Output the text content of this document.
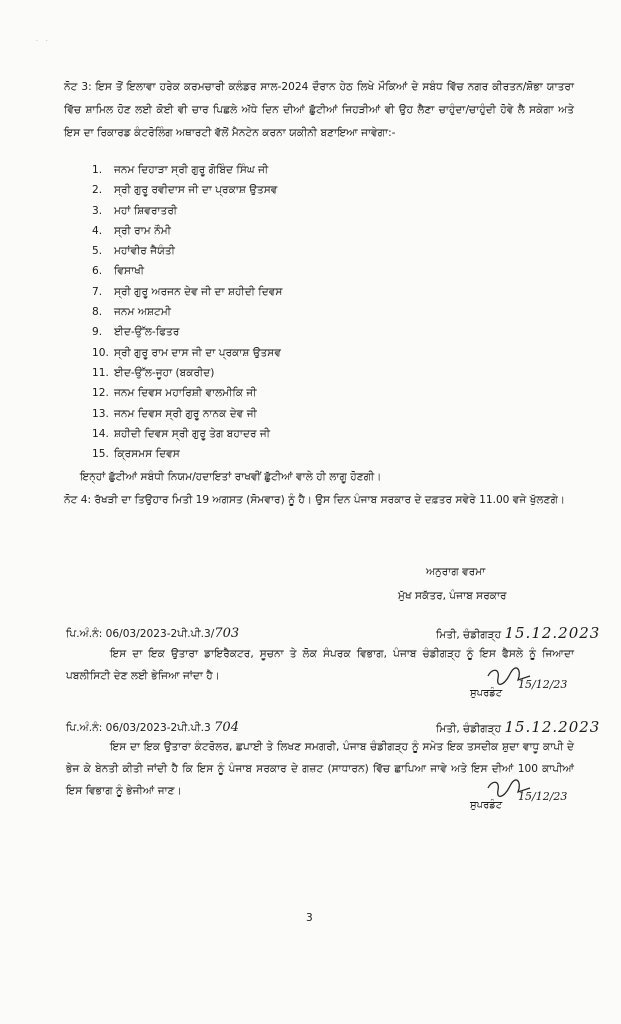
· ·

ਨੋਟ 3: ਇਸ ਤੋਂ ਇਲਾਵਾ ਹਰੇਕ ਕਰਮਚਾਰੀ ਕਲੰਡਰ ਸਾਲ-2024 ਦੌਰਾਨ ਹੇਠ ਲਿਖੇ ਮੌਕਿਆਂ ਦੇ ਸਬੰਧ ਵਿੱਚ ਨਗਰ ਕੀਰਤਨ/ਸ਼ੋਭਾ ਯਾਤਰਾ ਵਿੱਚ ਸ਼ਾਮਿਲ ਹੋਣ ਲਈ ਕੋਈ ਵੀ ਚਾਰ ਪਿਛਲੇ ਅੱਧੇ ਦਿਨ ਦੀਆਂ ਛੁੱਟੀਆਂ ਜਿਹੜੀਆਂ ਵੀ ਉਹ ਲੈਣਾ ਚਾਹੁੰਦਾ/ਚਾਹੁੰਦੀ ਹੋਵੇ ਲੈ ਸਕੇਗਾ ਅਤੇ ਇਸ ਦਾ ਰਿਕਾਰਡ ਕੰਟਰੋਲਿੰਗ ਅਥਾਰਟੀ ਵੱਲੋਂ ਮੈਨਟੇਨ ਕਰਨਾ ਯਕੀਨੀ ਬਣਾਇਆ ਜਾਵੇਗਾ:-

1. ਜਨਮ ਦਿਹਾੜਾ ਸ੍ਰੀ ਗੁਰੂ ਗੋਬਿੰਦ ਸਿੰਘ ਜੀ
2. ਸ੍ਰੀ ਗੁਰੂ ਰਵੀਦਾਸ ਜੀ ਦਾ ਪ੍ਰਕਾਸ਼ ਉਤਸਵ
3. ਮਹਾਂ ਸ਼ਿਵਰਾਤਰੀ
4. ਸ੍ਰੀ ਰਾਮ ਨੌਮੀ
5. ਮਹਾਂਵੀਰ ਜੈਯੰਤੀ
6. ਵਿਸਾਖੀ
7. ਸ੍ਰੀ ਗੁਰੂ ਅਰਜਨ ਦੇਵ ਜੀ ਦਾ ਸ਼ਹੀਦੀ ਦਿਵਸ
8. ਜਨਮ ਅਸ਼ਟਮੀ
9. ਈਦ-ਉੱਲ-ਫਿਤਰ
10. ਸ੍ਰੀ ਗੁਰੂ ਰਾਮ ਦਾਸ ਜੀ ਦਾ ਪ੍ਰਕਾਸ਼ ਉਤਸਵ
11. ਈਦ-ਉੱਲ-ਜੂਹਾ (ਬਕਰੀਦ)
12. ਜਨਮ ਦਿਵਸ ਮਹਾਰਿਸ਼ੀ ਵਾਲਮੀਕਿ ਜੀ
13. ਜਨਮ ਦਿਵਸ ਸ੍ਰੀ ਗੁਰੂ ਨਾਨਕ ਦੇਵ ਜੀ
14. ਸ਼ਹੀਦੀ ਦਿਵਸ ਸ੍ਰੀ ਗੁਰੂ ਤੇਗ ਬਹਾਦਰ ਜੀ
15. ਕ੍ਰਿਸਮਸ ਦਿਵਸ

ਇਨ੍ਹਾਂ ਛੁੱਟੀਆਂ ਸਬੰਧੀ ਨਿਯਮ/ਹਦਾਇਤਾਂ ਰਾਖਵੀਂ ਛੁੱਟੀਆਂ ਵਾਲੇ ਹੀ ਲਾਗੂ ਹੋਣਗੀ।

ਨੋਟ 4: ਰੱਖੜੀ ਦਾ ਤਿਉਹਾਰ ਮਿਤੀ 19 ਅਗਸਤ (ਸੋਮਵਾਰ) ਨੂੰ ਹੈ। ਉਸ ਦਿਨ ਪੰਜਾਬ ਸਰਕਾਰ ਦੇ ਦਫ਼ਤਰ ਸਵੇਰੇ 11.00 ਵਜੇ ਖੁੱਲਣਗੇ।

ਅਨੁਰਾਗ ਵਰਮਾ
ਮੁੱਖ ਸਕੱਤਰ, ਪੰਜਾਬ ਸਰਕਾਰ
ਪਿ.ਅੰ.ਨੰ: 06/03/2023-2ਪੀ.ਪੀ.3/703	ਮਿਤੀ, ਚੰਡੀਗੜ੍ਹ 15.12.2023

ਇਸ ਦਾ ਇਕ ਉਤਾਰਾ ਡਾਇਰੈਕਟਰ, ਸੂਚਨਾ ਤੇ ਲੋਕ ਸੰਪਰਕ ਵਿਭਾਗ, ਪੰਜਾਬ ਚੰਡੀਗੜ੍ਹ ਨੂੰ ਇਸ ਫੈਸਲੇ ਨੂੰ ਜਿਆਦਾ ਪਬਲੀਸਿਟੀ ਦੇਣ ਲਈ ਭੇਜਿਆ ਜਾਂਦਾ ਹੈ।

ਸੁਪਰਡੰਟ
15/12/23
ਪਿ.ਅੰ.ਨੰ: 06/03/2023-2ਪੀ.ਪੀ.3 704	ਮਿਤੀ, ਚੰਡੀਗੜ੍ਹ 15.12.2023

ਇਸ ਦਾ ਇਕ ਉਤਾਰਾ ਕੰਟਰੋਲਰ, ਛਪਾਈ ਤੇ ਲਿਖਣ ਸਮਗਰੀ, ਪੰਜਾਬ ਚੰਡੀਗੜ੍ਹ ਨੂੰ ਸਮੇਤ ਇਕ ਤਸਦੀਕ ਸ਼ੁਦਾ ਵਾਧੂ ਕਾਪੀ ਦੇ ਭੇਜ ਕੇ ਬੇਨਤੀ ਕੀਤੀ ਜਾਂਦੀ ਹੈ ਕਿ ਇਸ ਨੂੰ ਪੰਜਾਬ ਸਰਕਾਰ ਦੇ ਗਜ਼ਟ (ਸਾਧਾਰਨ) ਵਿੱਚ ਛਾਪਿਆ ਜਾਵੇ ਅਤੇ ਇਸ ਦੀਆਂ 100 ਕਾਪੀਆਂ ਇਸ ਵਿਭਾਗ ਨੂੰ ਭੇਜੀਆਂ ਜਾਣ।

ਸੁਪਰਡੰਟ
15/12/23
3
